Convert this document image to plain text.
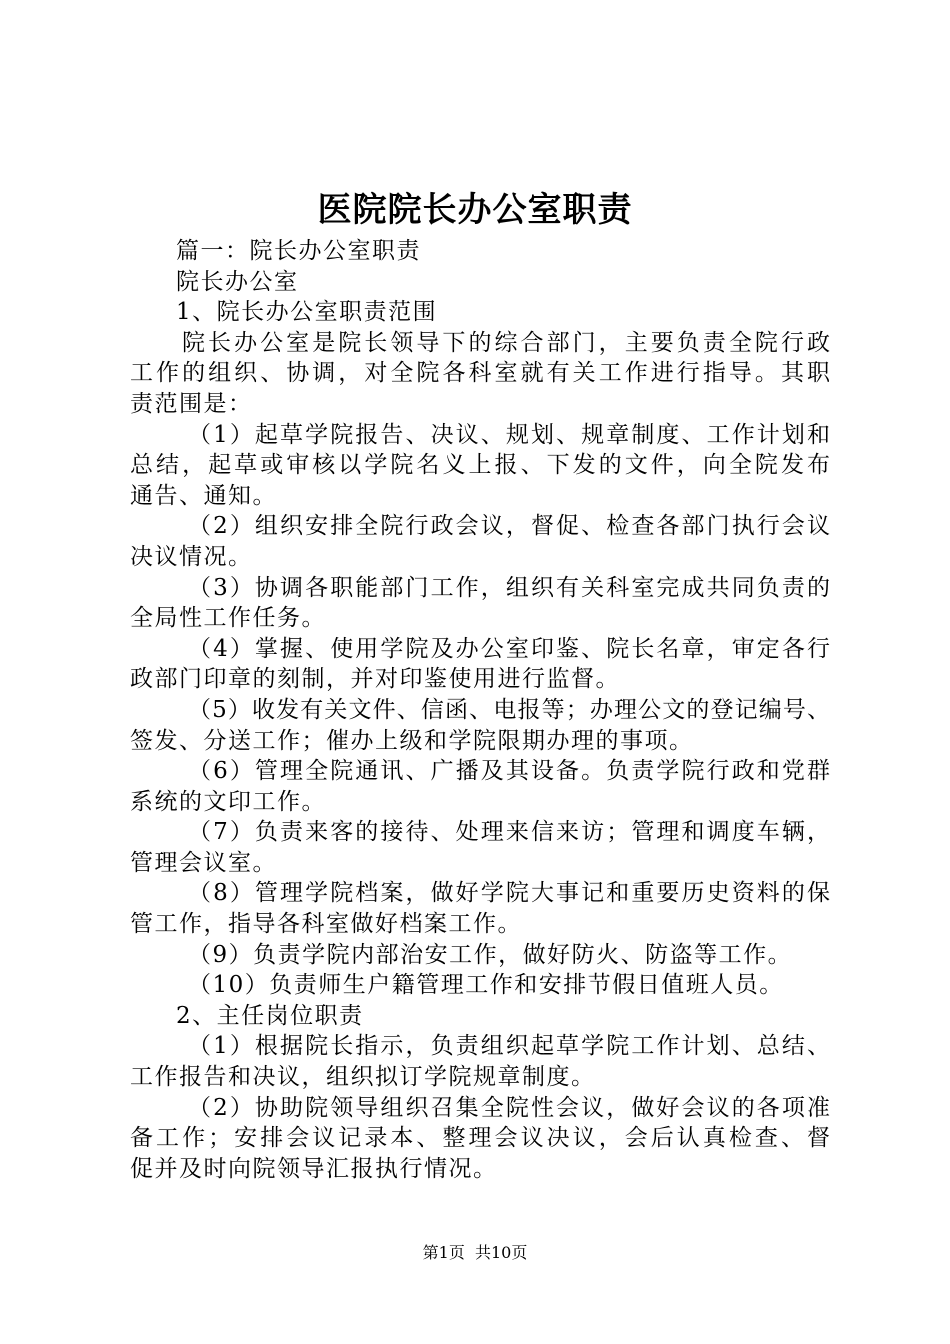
医院院长办公室职责
篇一：院长办公室职责
院长办公室
1、院长办公室职责范围
院长办公室是院长领导下的综合部门，主要负责全院行政
工作的组织、协调，对全院各科室就有关工作进行指导。其职
责范围是：
（1）起草学院报告、决议、规划、规章制度、工作计划和
总结，起草或审核以学院名义上报、下发的文件，向全院发布
通告、通知。
（2）组织安排全院行政会议，督促、检查各部门执行会议
决议情况。
（3）协调各职能部门工作，组织有关科室完成共同负责的
全局性工作任务。
（4）掌握、使用学院及办公室印鉴、院长名章，审定各行
政部门印章的刻制，并对印鉴使用进行监督。
（5）收发有关文件、信函、电报等；办理公文的登记编号、
签发、分送工作；催办上级和学院限期办理的事项。
（6）管理全院通讯、广播及其设备。负责学院行政和党群
系统的文印工作。
（7）负责来客的接待、处理来信来访；管理和调度车辆，
管理会议室。
（8）管理学院档案，做好学院大事记和重要历史资料的保
管工作，指导各科室做好档案工作。
（9）负责学院内部治安工作，做好防火、防盗等工作。
（10）负责师生户籍管理工作和安排节假日值班人员。
2、主任岗位职责
（1）根据院长指示，负责组织起草学院工作计划、总结、
工作报告和决议，组织拟订学院规章制度。
（2）协助院领导组织召集全院性会议，做好会议的各项准
备工作；安排会议记录本、整理会议决议，会后认真检查、督
促并及时向院领导汇报执行情况。
第1页  共10页
